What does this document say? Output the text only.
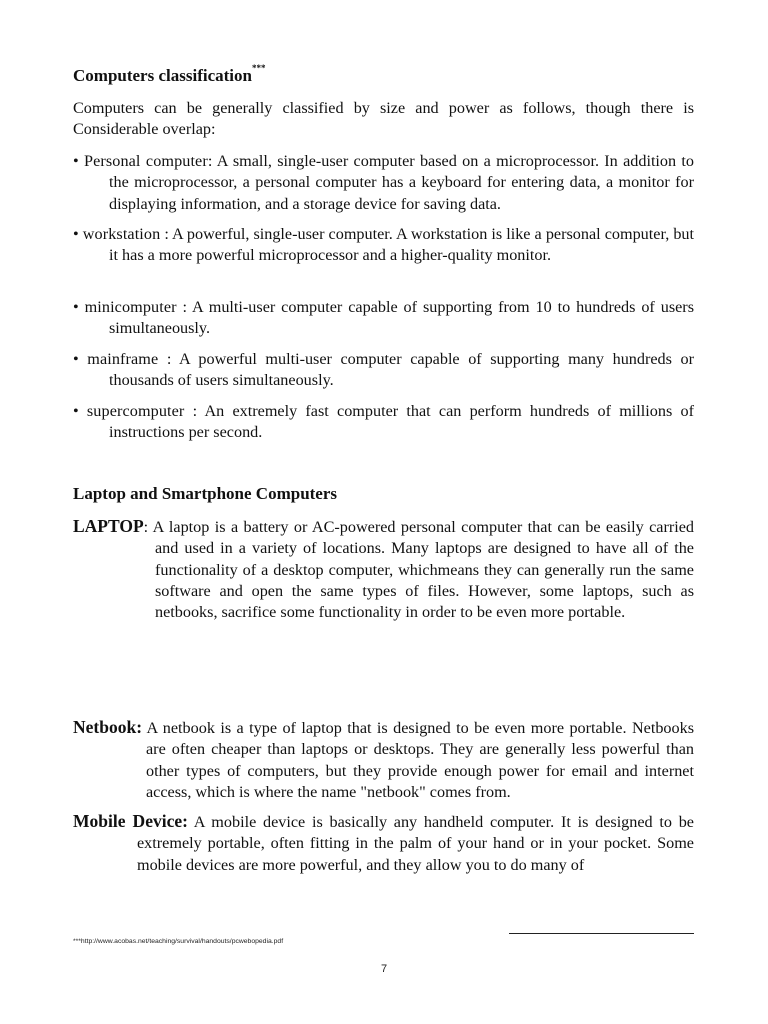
Computers classification***
Computers can be generally classified by size and power as follows, though there is Considerable overlap:
• Personal computer: A small, single-user computer based on a microprocessor. In addition to the microprocessor, a personal computer has a keyboard for entering data, a monitor for displaying information, and a storage device for saving data.
• workstation : A powerful, single-user computer. A workstation is like a personal computer, but it has a more powerful microprocessor and a higher-quality monitor.
• minicomputer : A multi-user computer capable of supporting from 10 to hundreds of users simultaneously.
• mainframe : A powerful multi-user computer capable of supporting many hundreds or thousands of users simultaneously.
• supercomputer : An extremely fast computer that can perform hundreds of millions of instructions per second.
Laptop and Smartphone Computers
LAPTOP: A laptop is a battery or AC-powered personal computer that can be easily carried and used in a variety of locations. Many laptops are designed to have all of the functionality of a desktop computer, whichmeans they can generally run the same software and open the same types of files. However, some laptops, such as netbooks, sacrifice some functionality in order to be even more portable.
Netbook: A netbook is a type of laptop that is designed to be even more portable. Netbooks are often cheaper than laptops or desktops. They are generally less powerful than other types of computers, but they provide enough power for email and internet access, which is where the name "netbook" comes from.
Mobile Device: A mobile device is basically any handheld computer. It is designed to be extremely portable, often fitting in the palm of your hand or in your pocket. Some mobile devices are more powerful, and they allow you to do many of
***http://www.acobas.net/teaching/survival/handouts/pcwebopedia.pdf
7
